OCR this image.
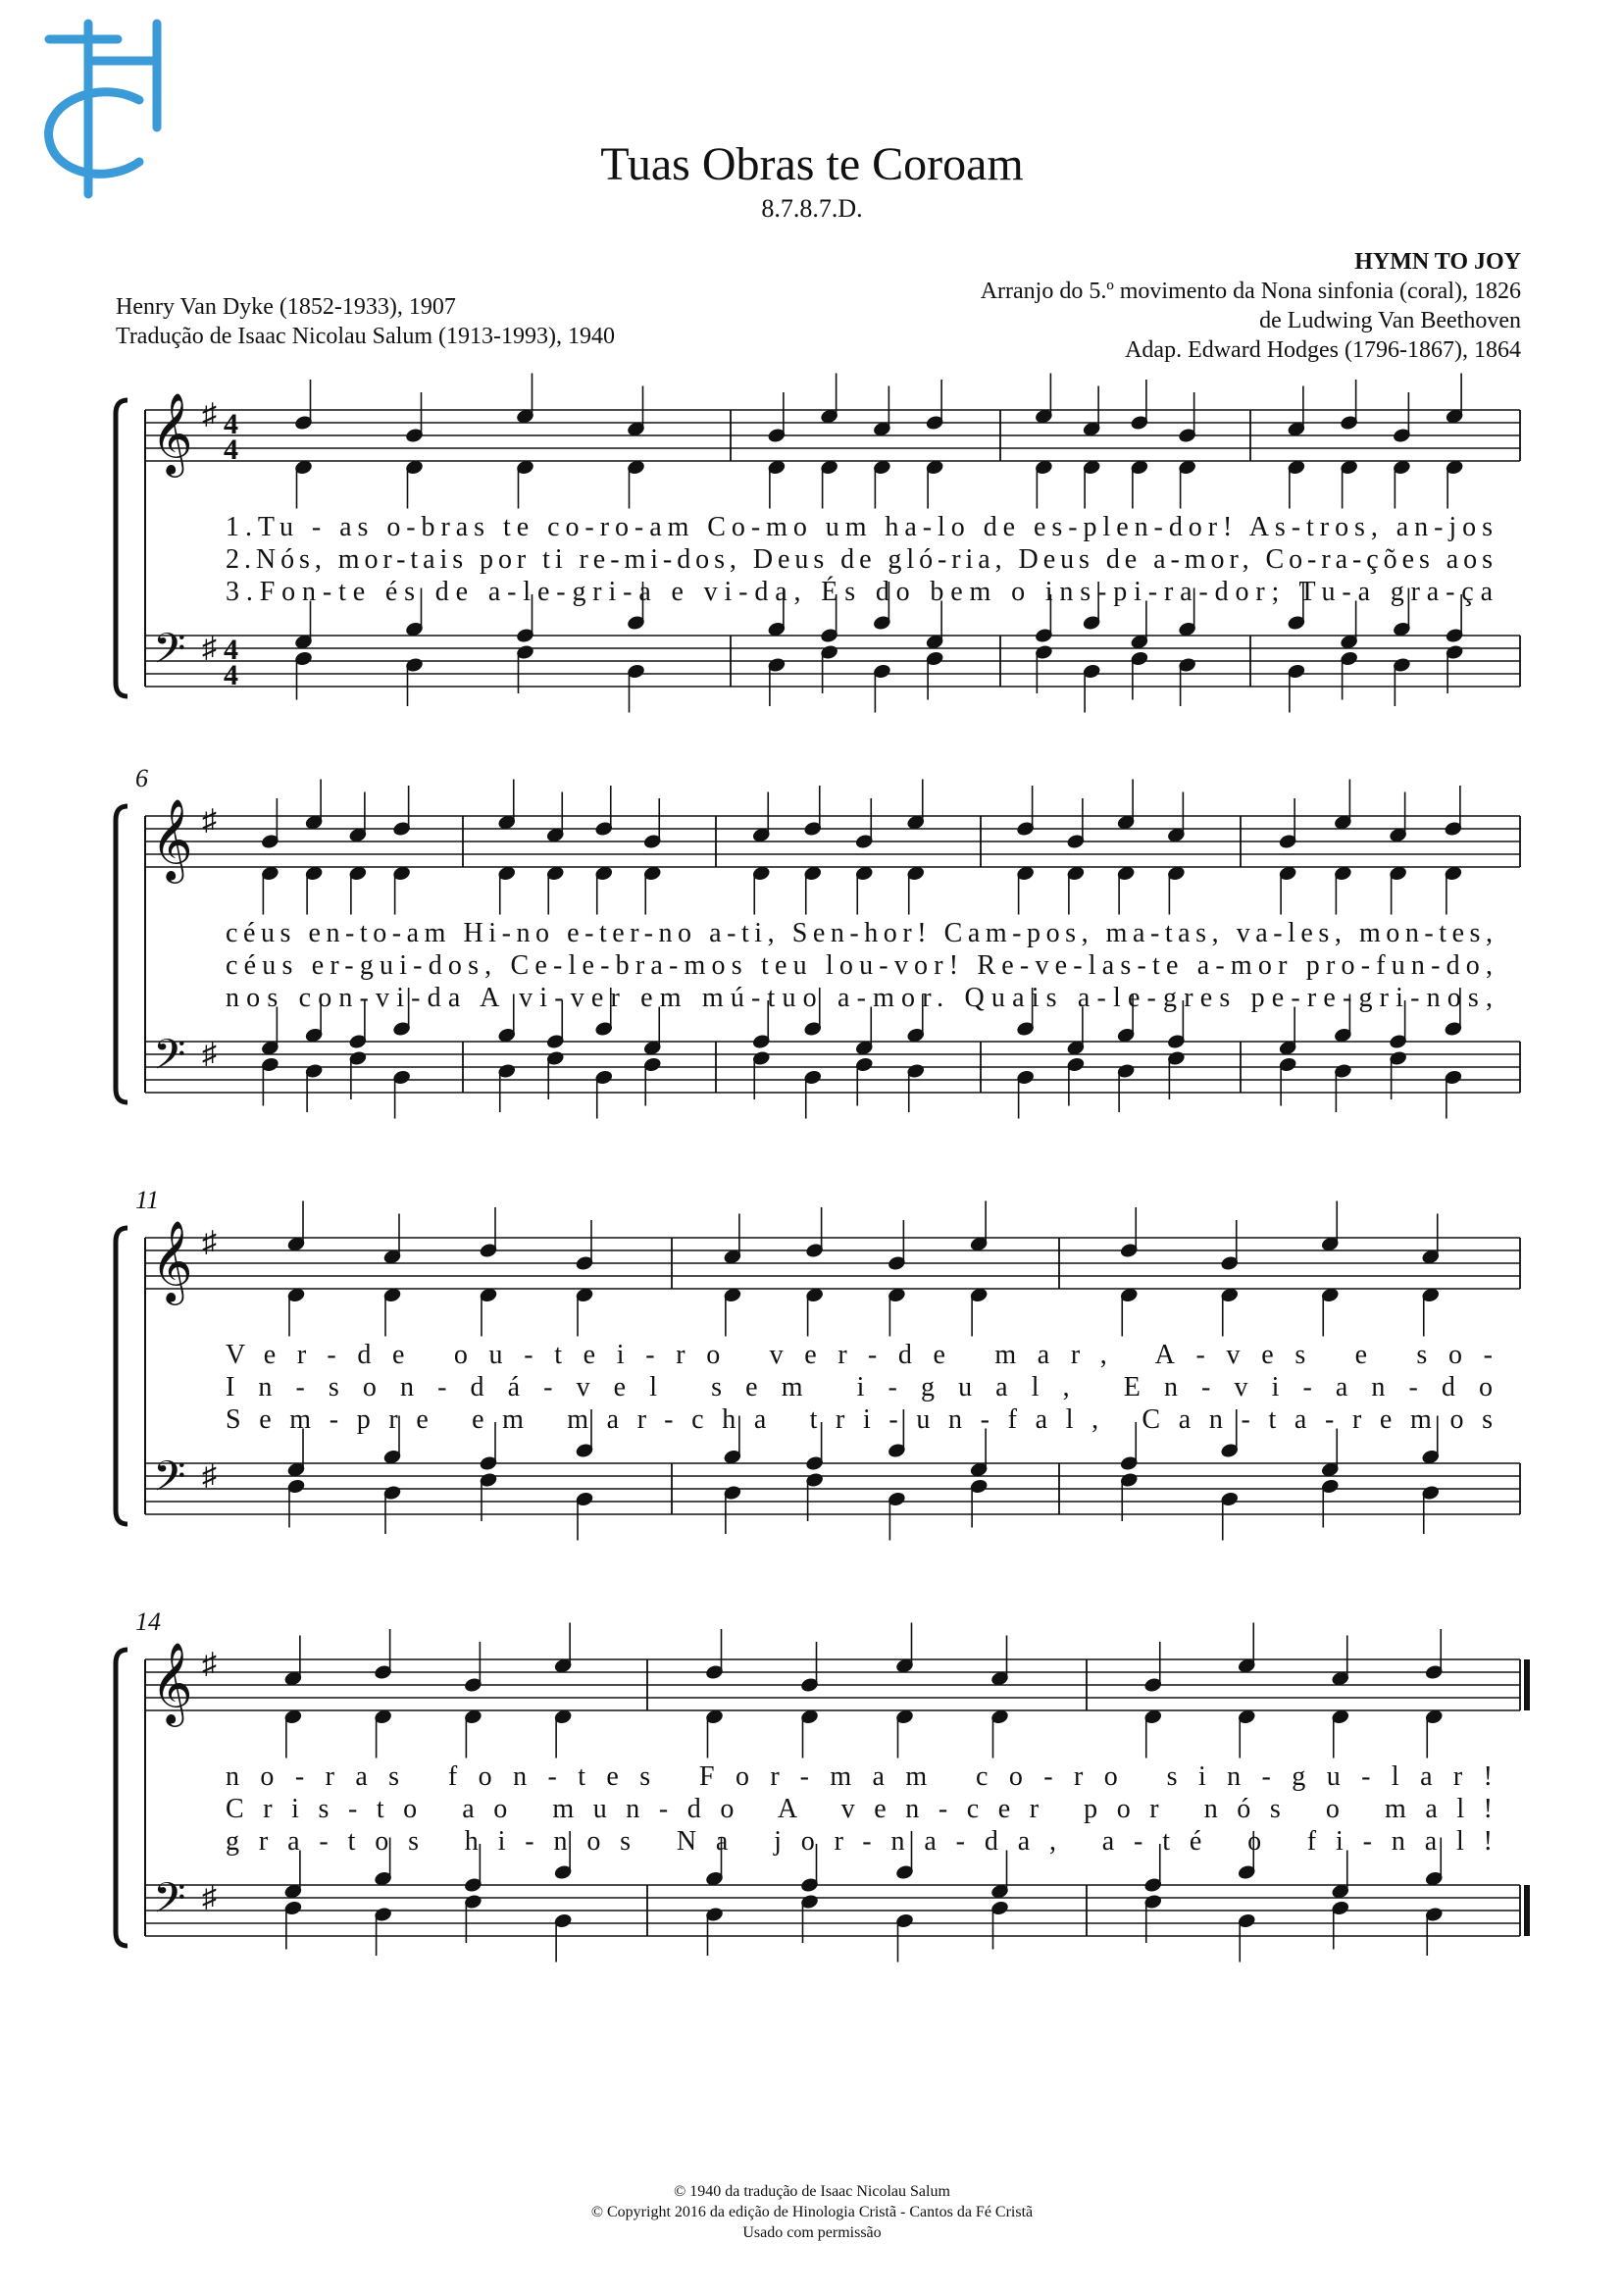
Tuas Obras te Coroam
8.7.8.7.D.
Henry Van Dyke (1852-1933), 1907
Tradução de Isaac Nicolau Salum (1913-1993), 1940
HYMN TO JOY
Arranjo do 5.º movimento da Nona sinfonia (coral), 1826
de Ludwing Van Beethoven
Adap. Edward Hodges (1796-1867), 1864
𝄞
𝄢
♯
♯
4
4
4
4
1.Tu - as o-bras te co-ro-am Co-mo um ha-lo de es-plen-dor! As-tros, an-jos
2.Nós, mor-tais por ti re-mi-dos, Deus de gló-ria, Deus de a-mor, Co-ra-ções aos
3.Fon-te és de a-le-gri-a e vi-da, És do bem o ins-pi-ra-dor; Tu-a gra-ça
𝄞
𝄢
♯
♯
6
céus en-to-am Hi-no e-ter-no a-ti, Sen-hor! Cam-pos, ma-tas, va-les, mon-tes,
céus er-gui-dos, Ce-le-bra-mos teu lou-vor! Re-ve-las-te a-mor pro-fun-do,
nos con-vi-da A vi-ver em mú-tuo a-mor. Quais a-le-gres pe-re-gri-nos,
𝄞
𝄢
♯
♯
11
Ver-de ou-tei-ro ver-de mar, A-ves e so-
In-son-dá-vel sem i-gual, En-vi-an-do
Sem-pre em mar-cha tri-un-fal, Can-ta-remos
𝄞
𝄢
♯
♯
14
no-ras fon-tes For-mam co-ro sin-gu-lar!
Cris-to ao mun-do A ven-cer por nós o mal!
gra-tos hi-nos Na jor-na-da, a-té o fi-nal!
© 1940 da tradução de Isaac Nicolau Salum
© Copyright 2016 da edição de Hinologia Cristã - Cantos da Fé Cristã
Usado com permissão
